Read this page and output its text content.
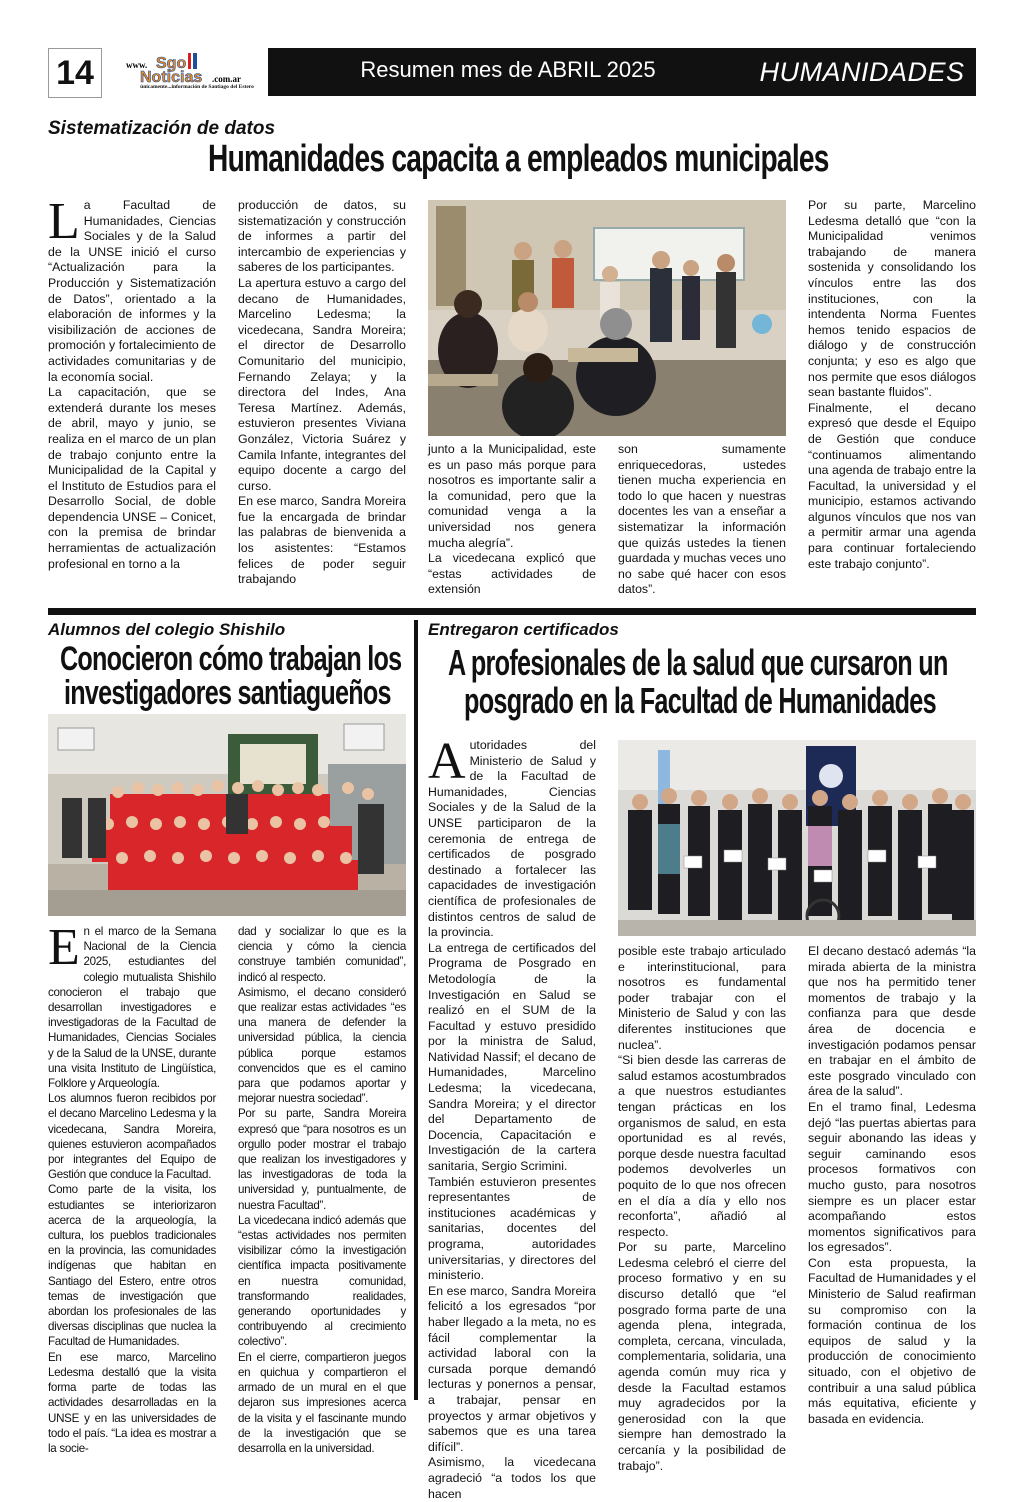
14	www. Sgo
Noticias .com.ar
únicamente...información de Santiago del Estero
Resumen mes de ABRIL 2025	HUMANIDADES
Sistematización de datos
Humanidades capacita a empleados municipales
L a Facultad de Humanidades, Ciencias Sociales y de la Salud de la UNSE inició el curso “Actualización para la Producción y Sistematización de Datos”, orientado a la elaboración de informes y la visibilización de acciones de promoción y fortalecimiento de actividades comunitarias y de la economía social.

La capacitación, que se extenderá durante los meses de abril, mayo y junio, se realiza en el marco de un plan de trabajo conjunto entre la Municipalidad de la Capital y el Instituto de Estudios para el Desarrollo Social, de doble dependencia UNSE – Conicet, con la premisa de brindar herramientas de actualización profesional en torno a la

producción de datos, su sistematización y construcción de informes a partir del intercambio de experiencias y saberes de los participantes.

La apertura estuvo a cargo del decano de Humanidades, Marcelino Ledesma; la vicedecana, Sandra Moreira; el director de Desarrollo Comunitario del municipio, Fernando Zelaya; y la directora del Indes, Ana Teresa Martínez. Además, estuvieron presentes Viviana González, Victoria Suárez y Camila Infante, integrantes del equipo docente a cargo del curso.

En ese marco, Sandra Moreira fue la encargada de brindar las palabras de bienvenida a los asistentes: “Estamos felices de poder seguir trabajando

junto a la Municipalidad, este es un paso más porque para nosotros es importante salir a la comunidad, pero que la comunidad venga a la universidad nos genera mucha alegría”.

La vicedecana explicó que “estas actividades de extensión

son sumamente enriquecedoras, ustedes tienen mucha experiencia en todo lo que hacen y nuestras docentes les van a enseñar a sistematizar la información que quizás ustedes la tienen guardada y muchas veces uno no sabe qué hacer con esos datos”.

Por su parte, Marcelino Ledesma detalló que “con la Municipalidad venimos trabajando de manera sostenida y consolidando los vínculos entre las dos instituciones, con la intendenta Norma Fuentes hemos tenido espacios de diálogo y de construcción conjunta; y eso es algo que nos permite que esos diálogos sean bastante fluidos”.

Finalmente, el decano expresó que desde el Equipo de Gestión que conduce “continuamos alimentando una agenda de trabajo entre la Facultad, la universidad y el municipio, estamos activando algunos vínculos que nos van a permitir armar una agenda para continuar fortaleciendo este trabajo conjunto”.

Alumnos del colegio Shishilo
Conocieron cómo trabajan los
investigadores santiagueños
E n el marco de la Semana Nacional de la Ciencia 2025, estudiantes del colegio mutualista Shishilo conocieron el trabajo que desarrollan investigadores e investigadoras de la Facultad de Humanidades, Ciencias Sociales y de la Salud de la UNSE, durante una visita Instituto de Lingüística, Folklore y Arqueología.

Los alumnos fueron recibidos por el decano Marcelino Ledesma y la vicedecana, Sandra Moreira, quienes estuvieron acompañados por integrantes del Equipo de Gestión que conduce la Facultad.

Como parte de la visita, los estudiantes se interiorizaron acerca de la arqueología, la cultura, los pueblos tradicionales en la provincia, las comunidades indígenas que habitan en Santiago del Estero, entre otros temas de investigación que abordan los profesionales de las diversas disciplinas que nuclea la Facultad de Humanidades.

En ese marco, Marcelino Ledesma destalló que la visita forma parte de todas las actividades desarrolladas en la UNSE y en las universidades de todo el país. “La idea es mostrar a la socie-

dad y socializar lo que es la ciencia y cómo la ciencia construye también comunidad”, indicó al respecto.

Asimismo, el decano consideró que realizar estas actividades “es una manera de defender la universidad pública, la ciencia pública porque estamos convencidos que es el camino para que podamos aportar y mejorar nuestra sociedad”.

Por su parte, Sandra Moreira expresó que “para nosotros es un orgullo poder mostrar el trabajo que realizan los investigadores y las investigadoras de toda la universidad y, puntualmente, de nuestra Facultad”.

La vicedecana indicó además que “estas actividades nos permiten visibilizar cómo la investigación científica impacta positivamente en nuestra comunidad, transformando realidades, generando oportunidades y contribuyendo al crecimiento colectivo”.

En el cierre, compartieron juegos en quichua y compartieron el armado de un mural en el que dejaron sus impresiones acerca de la visita y el fascinante mundo de la investigación que se desarrolla en la universidad.

Entregaron certificados
A profesionales de la salud que cursaron un
posgrado en la Facultad de Humanidades
A utoridades del Ministerio de Salud y de la Facultad de Humanidades, Ciencias Sociales y de la Salud de la UNSE participaron de la ceremonia de entrega de certificados de posgrado destinado a fortalecer las capacidades de investigación científica de profesionales de distintos centros de salud de la provincia.

La entrega de certificados del Programa de Posgrado en Metodología de la Investigación en Salud se realizó en el SUM de la Facultad y estuvo presidido por la ministra de Salud, Natividad Nassif; el decano de Humanidades, Marcelino Ledesma; la vicedecana, Sandra Moreira; y el director del Departamento de Docencia, Capacitación e Investigación de la cartera sanitaria, Sergio Scrimini.

También estuvieron presentes representantes de instituciones académicas y sanitarias, docentes del programa, autoridades universitarias, y directores del ministerio.

En ese marco, Sandra Moreira felicitó a los egresados “por haber llegado a la meta, no es fácil complementar la actividad laboral con la cursada porque demandó lecturas y ponernos a pensar, a trabajar, pensar en proyectos y armar objetivos y sabemos que es una tarea difícil”.

Asimismo, la vicedecana agradeció “a todos los que hacen

posible este trabajo articulado e interinstitucional, para nosotros es fundamental poder trabajar con el Ministerio de Salud y con las diferentes instituciones que nuclea”.

“Si bien desde las carreras de salud estamos acostumbrados a que nuestros estudiantes tengan prácticas en los organismos de salud, en esta oportunidad es al revés, porque desde nuestra facultad podemos devolverles un poquito de lo que nos ofrecen en el día a día y ello nos reconforta”, añadió al respecto.

Por su parte, Marcelino Ledesma celebró el cierre del proceso formativo y en su discurso detalló que “el posgrado forma parte de una agenda plena, integrada, completa, cercana, vinculada, complementaria, solidaria, una agenda común muy rica y desde la Facultad estamos muy agradecidos por la generosidad con la que siempre han demostrado la cercanía y la posibilidad de trabajo”.

El decano destacó además “la mirada abierta de la ministra que nos ha permitido tener momentos de trabajo y la confianza para que desde área de docencia e investigación podamos pensar en trabajar en el ámbito de este posgrado vinculado con área de la salud”.

En el tramo final, Ledesma dejó “las puertas abiertas para seguir abonando las ideas y seguir caminando esos procesos formativos con mucho gusto, para nosotros siempre es un placer estar acompañando estos momentos significativos para los egresados”.

Con esta propuesta, la Facultad de Humanidades y el Ministerio de Salud reafirman su compromiso con la formación continua de los equipos de salud y la producción de conocimiento situado, con el objetivo de contribuir a una salud pública más equitativa, eficiente y basada en evidencia.
